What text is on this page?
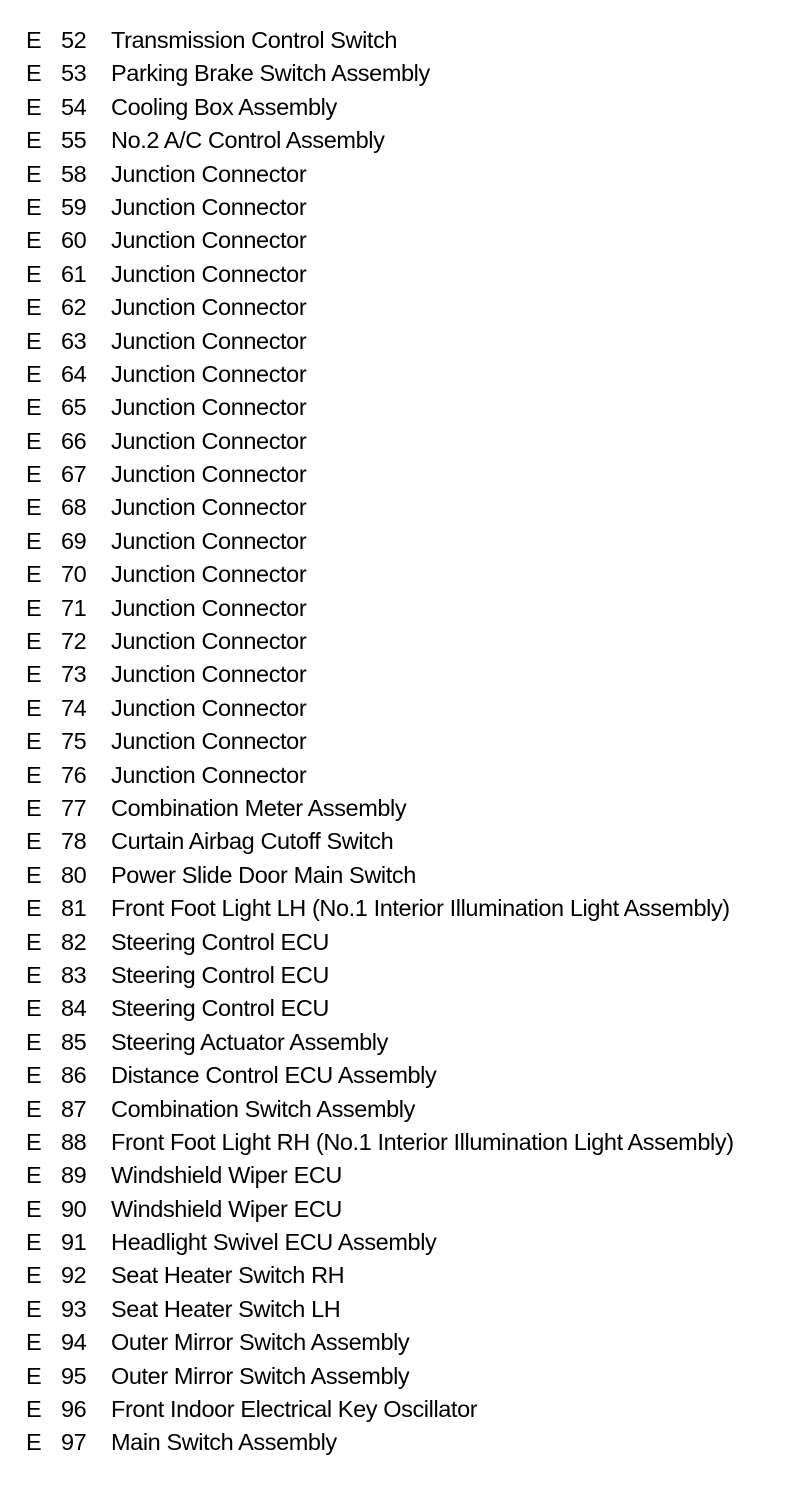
E 52 Transmission Control Switch
E 53 Parking Brake Switch Assembly
E 54 Cooling Box Assembly
E 55 No.2 A/C Control Assembly
E 58 Junction Connector
E 59 Junction Connector
E 60 Junction Connector
E 61 Junction Connector
E 62 Junction Connector
E 63 Junction Connector
E 64 Junction Connector
E 65 Junction Connector
E 66 Junction Connector
E 67 Junction Connector
E 68 Junction Connector
E 69 Junction Connector
E 70 Junction Connector
E 71 Junction Connector
E 72 Junction Connector
E 73 Junction Connector
E 74 Junction Connector
E 75 Junction Connector
E 76 Junction Connector
E 77 Combination Meter Assembly
E 78 Curtain Airbag Cutoff Switch
E 80 Power Slide Door Main Switch
E 81 Front Foot Light LH (No.1 Interior Illumination Light Assembly)
E 82 Steering Control ECU
E 83 Steering Control ECU
E 84 Steering Control ECU
E 85 Steering Actuator Assembly
E 86 Distance Control ECU Assembly
E 87 Combination Switch Assembly
E 88 Front Foot Light RH (No.1 Interior Illumination Light Assembly)
E 89 Windshield Wiper ECU
E 90 Windshield Wiper ECU
E 91 Headlight Swivel ECU Assembly
E 92 Seat Heater Switch RH
E 93 Seat Heater Switch LH
E 94 Outer Mirror Switch Assembly
E 95 Outer Mirror Switch Assembly
E 96 Front Indoor Electrical Key Oscillator
E 97 Main Switch Assembly
